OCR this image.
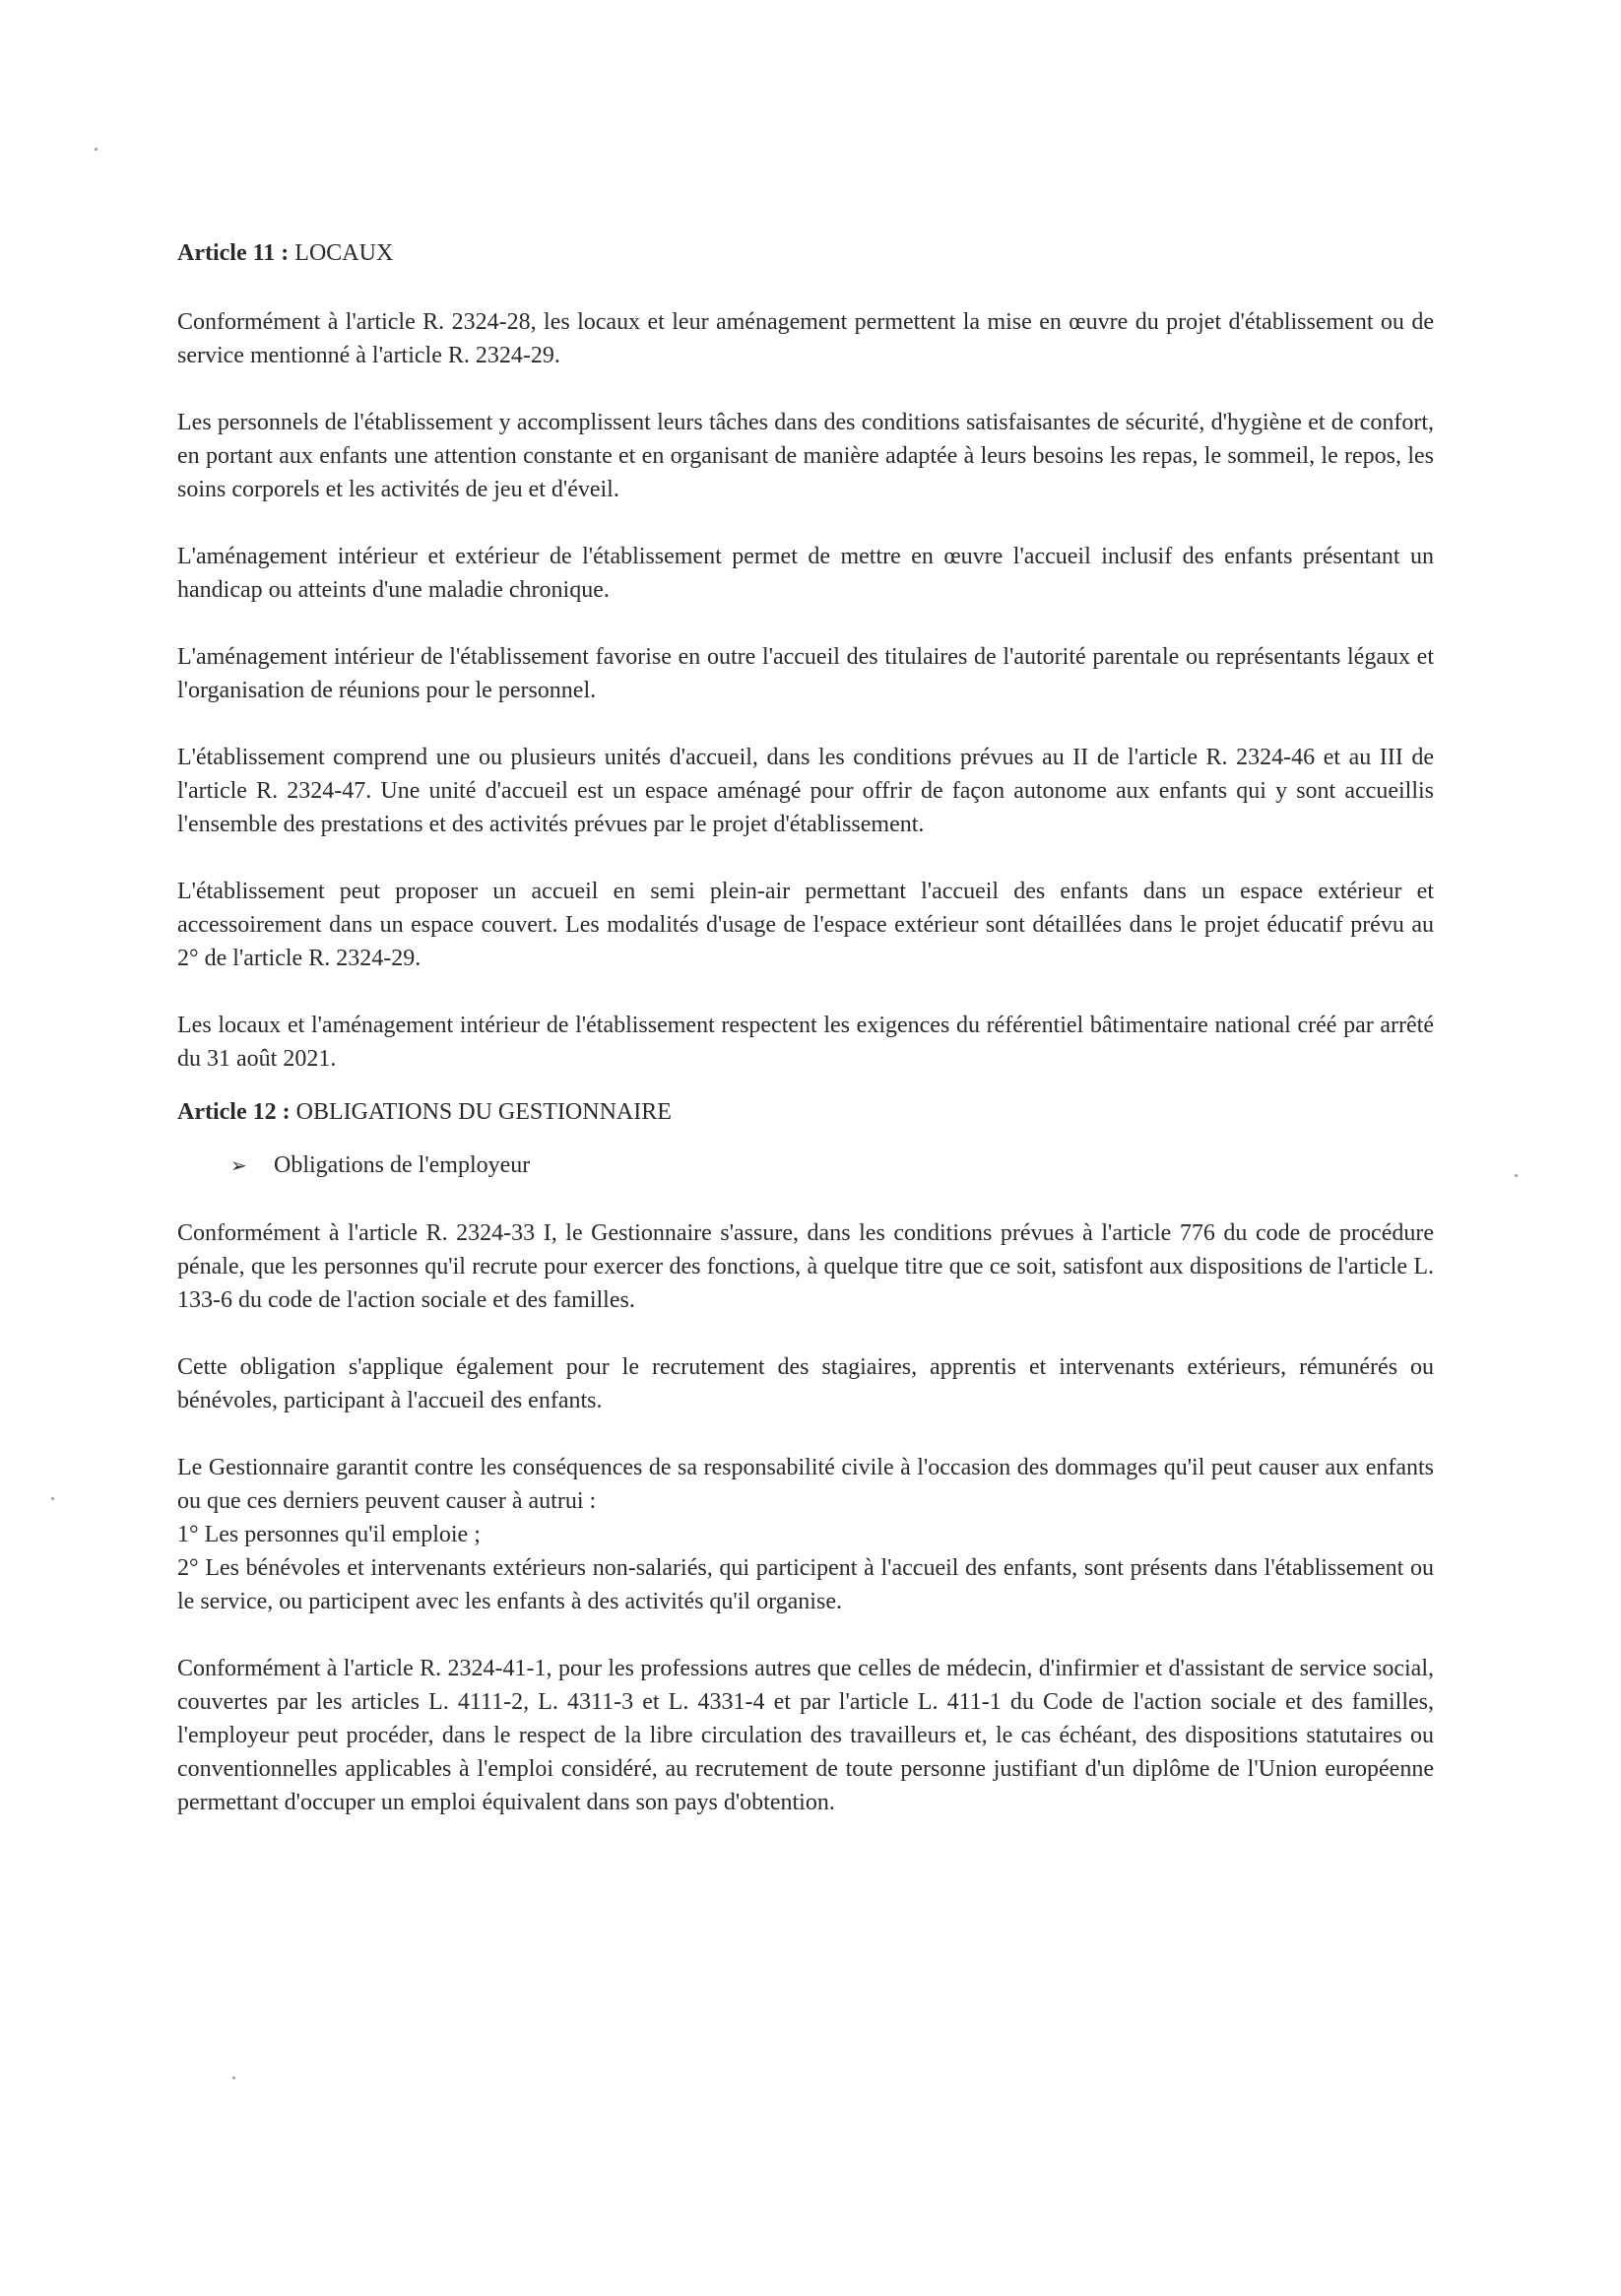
Article 11 : LOCAUX

Conformément à l'article R. 2324-28, les locaux et leur aménagement permettent la mise en œuvre du projet d'établissement ou de service mentionné à l'article R. 2324-29.

Les personnels de l'établissement y accomplissent leurs tâches dans des conditions satisfaisantes de sécurité, d'hygiène et de confort, en portant aux enfants une attention constante et en organisant de manière adaptée à leurs besoins les repas, le sommeil, le repos, les soins corporels et les activités de jeu et d'éveil.

L'aménagement intérieur et extérieur de l'établissement permet de mettre en œuvre l'accueil inclusif des enfants présentant un handicap ou atteints d'une maladie chronique.

L'aménagement intérieur de l'établissement favorise en outre l'accueil des titulaires de l'autorité parentale ou représentants légaux et l'organisation de réunions pour le personnel.

L'établissement comprend une ou plusieurs unités d'accueil, dans les conditions prévues au II de l'article R. 2324-46 et au III de l'article R. 2324-47. Une unité d'accueil est un espace aménagé pour offrir de façon autonome aux enfants qui y sont accueillis l'ensemble des prestations et des activités prévues par le projet d'établissement.

L'établissement peut proposer un accueil en semi plein-air permettant l'accueil des enfants dans un espace extérieur et accessoirement dans un espace couvert. Les modalités d'usage de l'espace extérieur sont détaillées dans le projet éducatif prévu au 2° de l'article R. 2324-29.

Les locaux et l'aménagement intérieur de l'établissement respectent les exigences du référentiel bâtimentaire national créé par arrêté du 31 août 2021.

Article 12 : OBLIGATIONS DU GESTIONNAIRE
➢	Obligations de l'employeur

Conformément à l'article R. 2324-33 I, le Gestionnaire s'assure, dans les conditions prévues à l'article 776 du code de procédure pénale, que les personnes qu'il recrute pour exercer des fonctions, à quelque titre que ce soit, satisfont aux dispositions de l'article L. 133-6 du code de l'action sociale et des familles.

Cette obligation s'applique également pour le recrutement des stagiaires, apprentis et intervenants extérieurs, rémunérés ou bénévoles, participant à l'accueil des enfants.

Le Gestionnaire garantit contre les conséquences de sa responsabilité civile à l'occasion des dommages qu'il peut causer aux enfants ou que ces derniers peuvent causer à autrui :

1° Les personnes qu'il emploie ;

2° Les bénévoles et intervenants extérieurs non-salariés, qui participent à l'accueil des enfants, sont présents dans l'établissement ou le service, ou participent avec les enfants à des activités qu'il organise.

Conformément à l'article R. 2324-41-1, pour les professions autres que celles de médecin, d'infirmier et d'assistant de service social, couvertes par les articles L. 4111-2, L. 4311-3 et L. 4331-4 et par l'article L. 411-1 du Code de l'action sociale et des familles, l'employeur peut procéder, dans le respect de la libre circulation des travailleurs et, le cas échéant, des dispositions statutaires ou conventionnelles applicables à l'emploi considéré, au recrutement de toute personne justifiant d'un diplôme de l'Union européenne permettant d'occuper un emploi équivalent dans son pays d'obtention.
